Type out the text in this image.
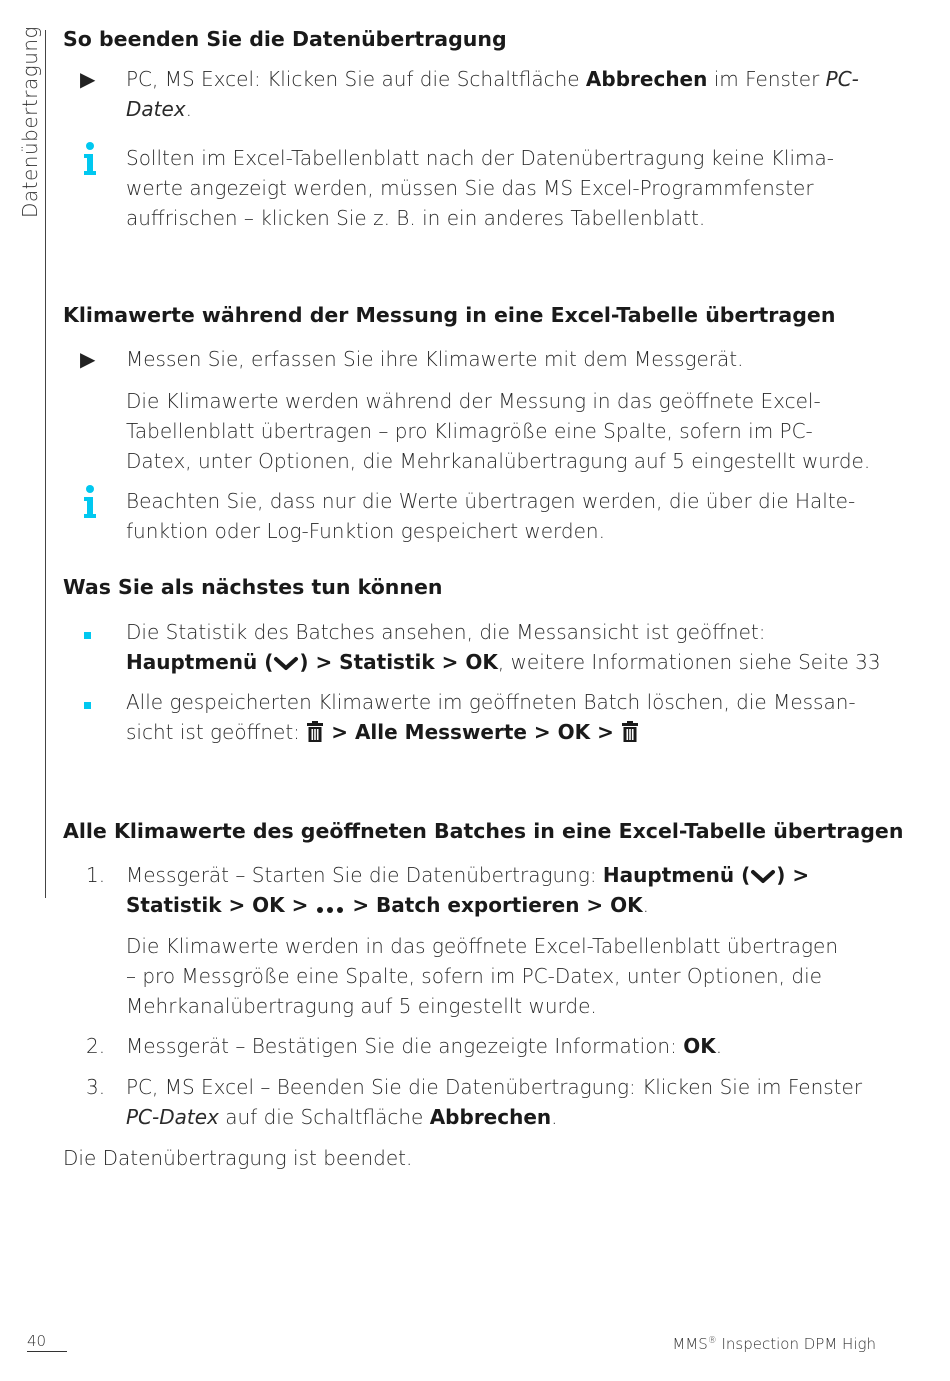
Datenübertragung So beenden Sie die Datenübertragung
▶ PC, MS Excel: Klicken Sie auf die Schaltfläche Abbrechen im Fenster PC-
Datex.
Sollten im Excel-Tabellenblatt nach der Datenübertragung keine Klima-
werte angezeigt werden, müssen Sie das MS Excel-Programmfenster
auffrischen – klicken Sie z. B. in ein anderes Tabellenblatt.
Klimawerte während der Messung in eine Excel-Tabelle übertragen
▶ Messen Sie, erfassen Sie ihre Klimawerte mit dem Messgerät.
Die Klimawerte werden während der Messung in das geöffnete Excel-
Tabellenblatt übertragen – pro Klimagröße eine Spalte, sofern im PC-
Datex, unter Optionen, die Mehrkanalübertragung auf 5 eingestellt wurde.
Beachten Sie, dass nur die Werte übertragen werden, die über die Halte-
funktion oder Log-Funktion gespeichert werden.
Was Sie als nächstes tun können
Die Statistik des Batches ansehen, die Messansicht ist geöffnet:
Hauptmenü ( ) > Statistik > OK, weitere Informationen siehe Seite 33
Alle gespeicherten Klimawerte im geöffneten Batch löschen, die Messan-
sicht ist geöffnet:  > Alle Messwerte > OK >
Alle Klimawerte des geöffneten Batches in eine Excel-Tabelle übertragen
1. Messgerät – Starten Sie die Datenübertragung: Hauptmenü ( ) >
Statistik > OK >  > Batch exportieren > OK.
Die Klimawerte werden in das geöffnete Excel-Tabellenblatt übertragen
– pro Messgröße eine Spalte, sofern im PC-Datex, unter Optionen, die
Mehrkanalübertragung auf 5 eingestellt wurde.
2. Messgerät – Bestätigen Sie die angezeigte Information: OK.
3. PC, MS Excel – Beenden Sie die Datenübertragung: Klicken Sie im Fenster
PC-Datex auf die Schaltfläche Abbrechen.
Die Datenübertragung ist beendet.
40	MMS® Inspection DPM High
